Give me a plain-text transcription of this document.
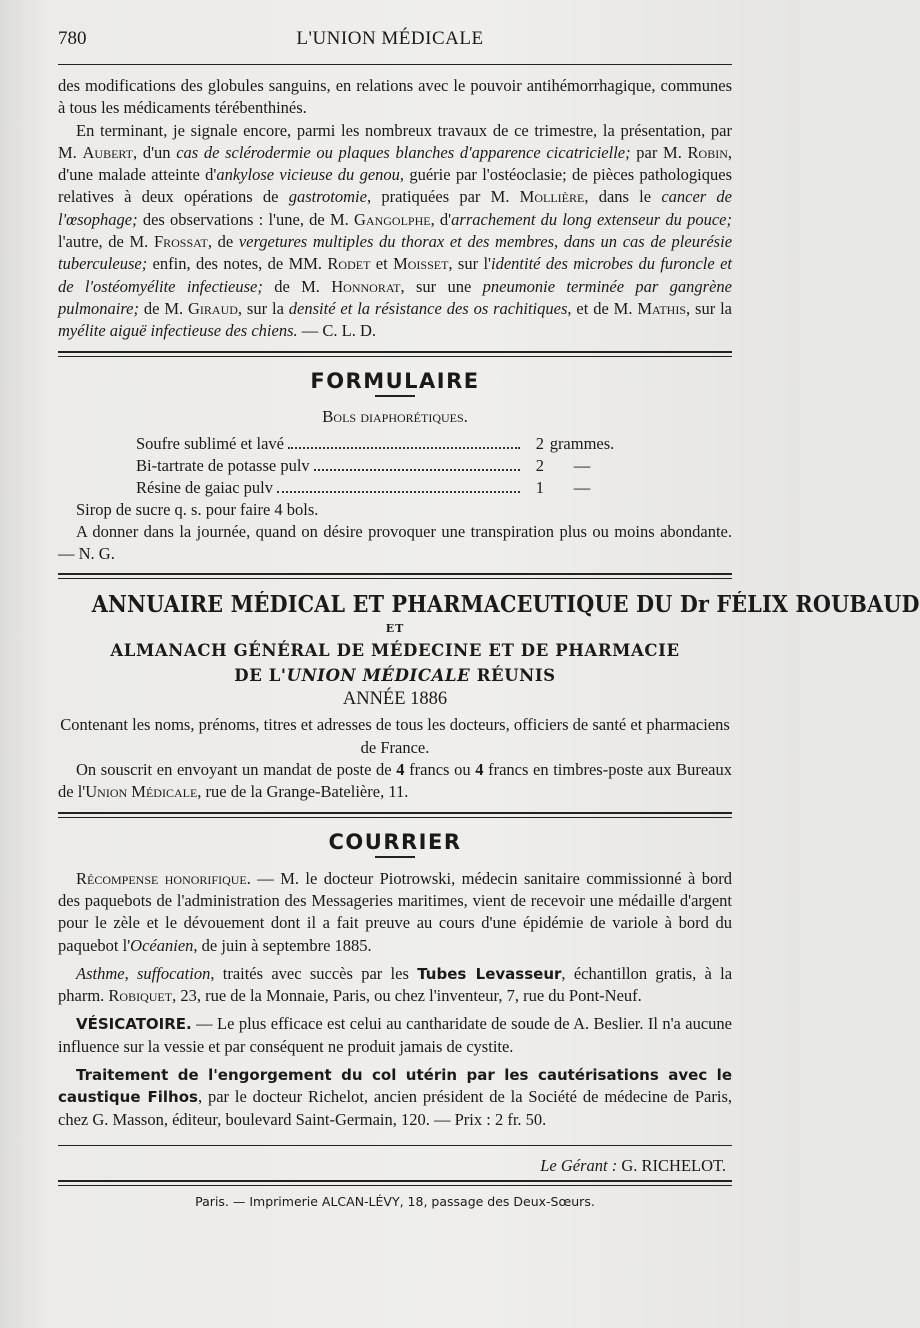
780	L'UNION MÉDICALE

des modifications des globules sanguins, en relations avec le pouvoir antihémorrhagique, communes à tous les médicaments térébenthinés.

En terminant, je signale encore, parmi les nombreux travaux de ce trimestre, la présentation, par M. Aubert, d'un cas de sclérodermie ou plaques blanches d'apparence cicatricielle; par M. Robin, d'une malade atteinte d'ankylose vicieuse du genou, guérie par l'ostéoclasie; de pièces pathologiques relatives à deux opérations de gastrotomie, pratiquées par M. Mollière, dans le cancer de l'œsophage; des observations : l'une, de M. Gangolphe, d'arrachement du long extenseur du pouce; l'autre, de M. Frossat, de vergetures multiples du thorax et des membres, dans un cas de pleurésie tuberculeuse; enfin, des notes, de MM. Rodet et Moisset, sur l'identité des microbes du furoncle et de l'ostéomyélite infectieuse; de M. Honnorat, sur une pneumonie terminée par gangrène pulmonaire; de M. Giraud, sur la densité et la résistance des os rachitiques, et de M. Mathis, sur la myélite aiguë infectieuse des chiens. — C. L. D.

FORMULAIRE
Bols diaphorétiques.
Soufre sublimé et lavé	2 grammes.
Bi-tartrate de potasse pulv	2	—
Résine de gaiac pulv	1	—

Sirop de sucre q. s. pour faire 4 bols.

A donner dans la journée, quand on désire provoquer une transpiration plus ou moins abondante. — N. G.

ANNUAIRE MÉDICAL ET PHARMACEUTIQUE DU Dr FÉLIX ROUBAUD
ET
ALMANACH GÉNÉRAL DE MÉDECINE ET DE PHARMACIE
DE L'UNION MÉDICALE RÉUNIS
ANNÉE 1886

Contenant les noms, prénoms, titres et adresses de tous les docteurs, officiers de santé et pharmaciens de France.

On souscrit en envoyant un mandat de poste de 4 francs ou 4 francs en timbres-poste aux Bureaux de l'Union Médicale, rue de la Grange-Batelière, 11.

COURRIER

Récompense honorifique. — M. le docteur Piotrowski, médecin sanitaire commissionné à bord des paquebots de l'administration des Messageries maritimes, vient de recevoir une médaille d'argent pour le zèle et le dévouement dont il a fait preuve au cours d'une épidémie de variole à bord du paquebot l'Océanien, de juin à septembre 1885.

Asthme, suffocation, traités avec succès par les Tubes Levasseur, échantillon gratis, à la pharm. Robiquet, 23, rue de la Monnaie, Paris, ou chez l'inventeur, 7, rue du Pont-Neuf.

VÉSICATOIRE. — Le plus efficace est celui au cantharidate de soude de A. Beslier. Il n'a aucune influence sur la vessie et par conséquent ne produit jamais de cystite.

Traitement de l'engorgement du col utérin par les cautérisations avec le caustique Filhos, par le docteur Richelot, ancien président de la Société de médecine de Paris, chez G. Masson, éditeur, boulevard Saint-Germain, 120. — Prix : 2 fr. 50.

Le Gérant : G. RICHELOT.
Paris. — Imprimerie ALCAN-LÉVY, 18, passage des Deux-Sœurs.
